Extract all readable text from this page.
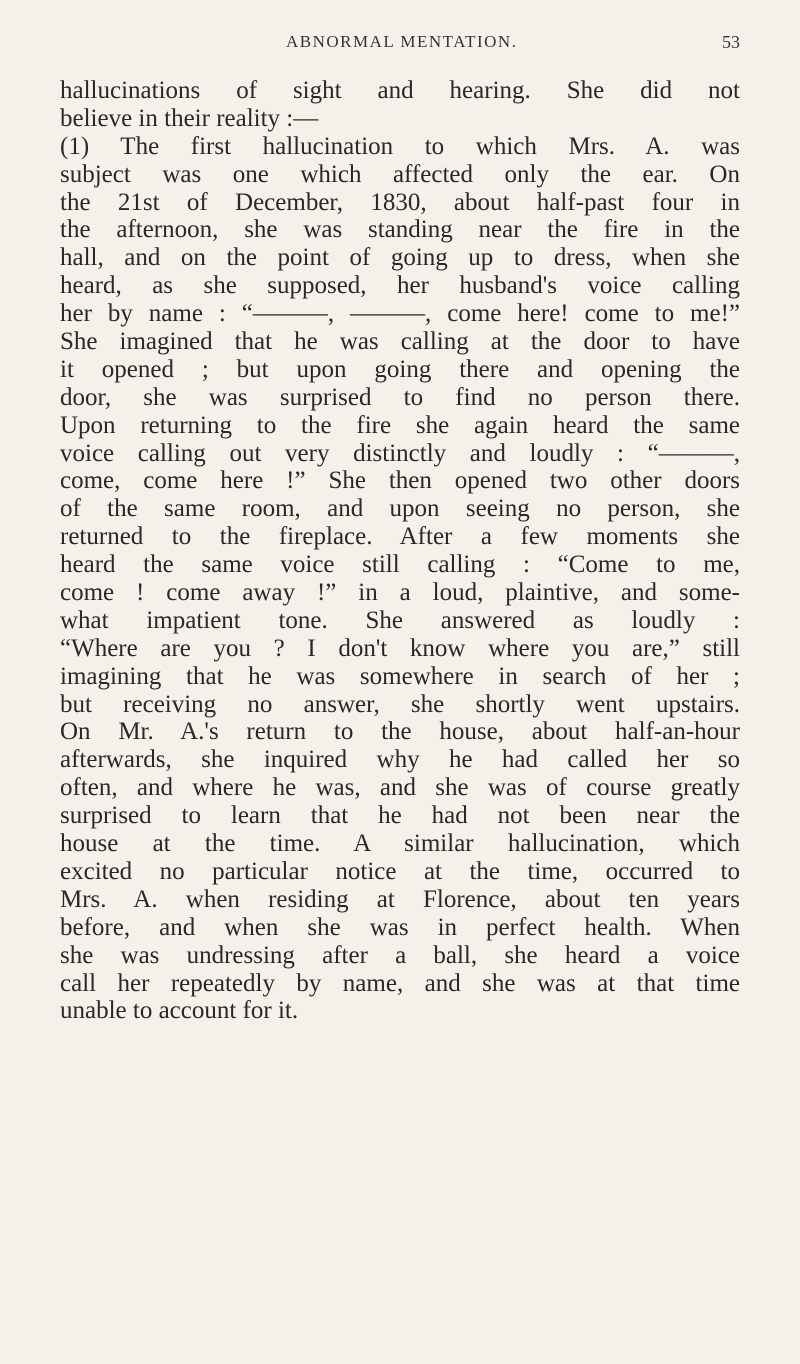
ABNORMAL MENTATION.	53
hallucinations of sight and hearing. She did not
believe in their reality :—
(1) The first hallucination to which Mrs. A. was
subject was one which affected only the ear. On
the 21st of December, 1830, about half-past four in
the afternoon, she was standing near the fire in the
hall, and on the point of going up to dress, when she
heard, as she supposed, her husband's voice calling
her by name : “———, ———, come here! come to me!”
She imagined that he was calling at the door to have
it opened ; but upon going there and opening the
door, she was surprised to find no person there.
Upon returning to the fire she again heard the same
voice calling out very distinctly and loudly : “———,
come, come here !” She then opened two other doors
of the same room, and upon seeing no person, she
returned to the fireplace. After a few moments she
heard the same voice still calling : “Come to me,
come ! come away !” in a loud, plaintive, and some-
what impatient tone. She answered as loudly :
“Where are you ? I don't know where you are,” still
imagining that he was somewhere in search of her ;
but receiving no answer, she shortly went upstairs.
On Mr. A.'s return to the house, about half-an-hour
afterwards, she inquired why he had called her so
often, and where he was, and she was of course greatly
surprised to learn that he had not been near the
house at the time. A similar hallucination, which
excited no particular notice at the time, occurred to
Mrs. A. when residing at Florence, about ten years
before, and when she was in perfect health. When
she was undressing after a ball, she heard a voice
call her repeatedly by name, and she was at that time
unable to account for it.
